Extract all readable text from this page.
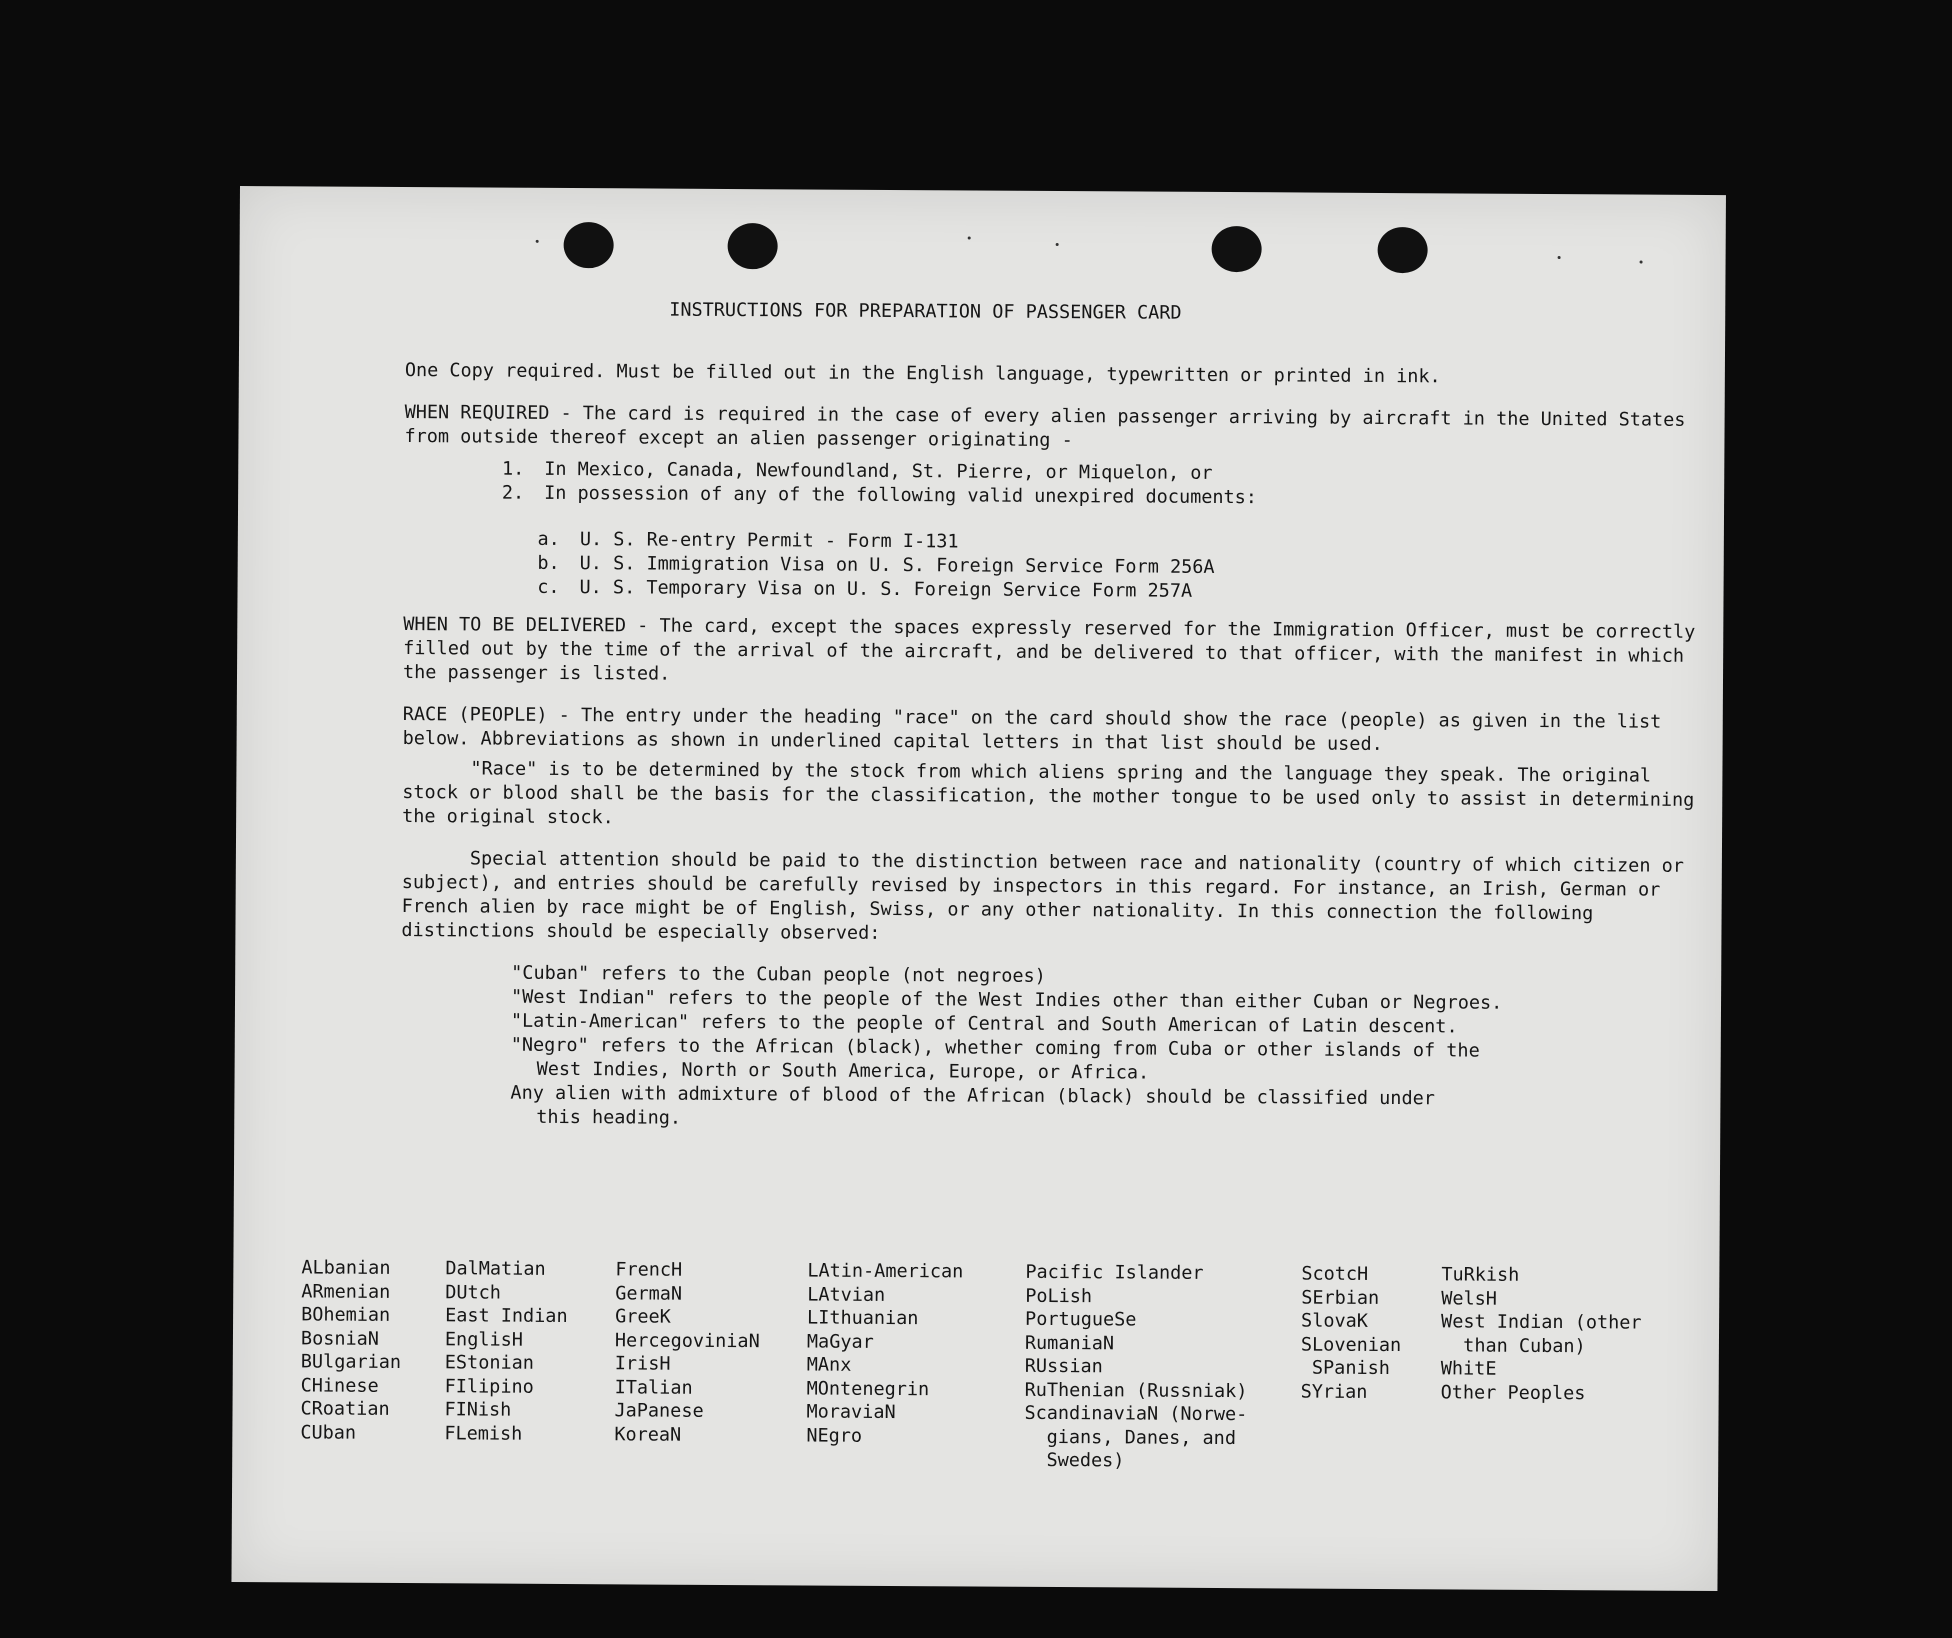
INSTRUCTIONS FOR PREPARATION OF PASSENGER CARD

One Copy required. Must be filled out in the English language, typewritten or printed in ink.

WHEN REQUIRED - The card is required in the case of every alien passenger arriving by aircraft in the United States from outside thereof except an alien passenger originating -

1.	In Mexico, Canada, Newfoundland, St. Pierre, or Miquelon, or
2.	In possession of any of the following valid unexpired documents:
a.	U. S. Re-entry Permit - Form I-131
b.	U. S. Immigration Visa on U. S. Foreign Service Form 256A
c.	U. S. Temporary Visa on U. S. Foreign Service Form 257A

WHEN TO BE DELIVERED - The card, except the spaces expressly reserved for the Immigration Officer, must be correctly filled out by the time of the arrival of the aircraft, and be delivered to that officer, with the manifest in which the passenger is listed.

RACE (PEOPLE) - The entry under the heading "race" on the card should show the race (people) as given in the list below. Abbreviations as shown in underlined capital letters in that list should be used.

"Race" is to be determined by the stock from which aliens spring and the language they speak. The original stock or blood shall be the basis for the classification, the mother tongue to be used only to assist in determining the original stock.

Special attention should be paid to the distinction between race and nationality (country of which citizen or subject), and entries should be carefully revised by inspectors in this regard. For instance, an Irish, German or French alien by race might be of English, Swiss, or any other nationality. In this connection the following distinctions should be especially observed:

"Cuban" refers to the Cuban people (not negroes)
"West Indian" refers to the people of the West Indies other than either Cuban or Negroes.
"Latin-American" refers to the people of Central and South American of Latin descent.
"Negro" refers to the African (black), whether coming from Cuba or other islands of the
West Indies, North or South America, Europe, or Africa.
Any alien with admixture of blood of the African (black) should be classified under
this heading.
ALbanian
ARmenian
BOhemian
BosniaN
BUlgarian
CHinese
CRoatian
CUban
DalMatian
DUtch
East Indian
EnglisH
EStonian
FIlipino
FINish
FLemish
FrencH
GermaN
GreeK
HercegoviniaN
IrisH
ITalian
JaPanese
KoreaN
LAtin-American
LAtvian
LIthuanian
MaGyar
MAnx
MOntenegrin
MoraviaN
NEgro
Pacific Islander
PoLish
PortugueSe
RumaniaN
RUssian
RuThenian (Russniak)
ScandinaviaN (Norwe-
gians, Danes, and
Swedes)
ScotcH
SErbian
SlovaK
SLovenian
SPanish
SYrian
TuRkish
WelsH
West Indian (other
than Cuban)
WhitE
Other Peoples
